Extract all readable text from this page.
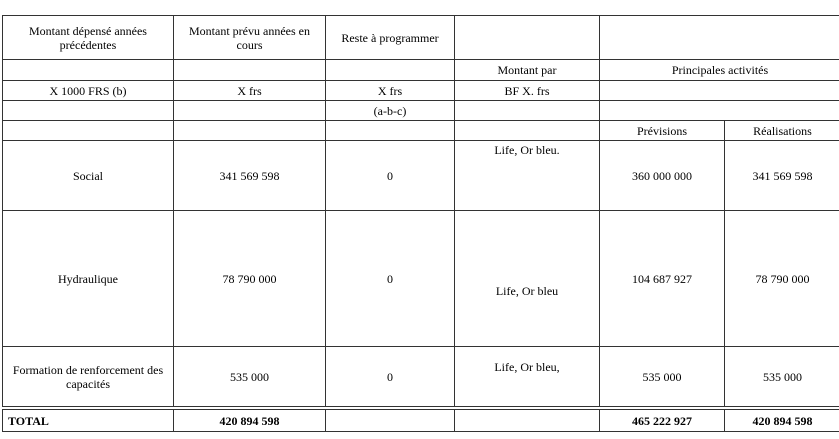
Montant dépensé années précédentes	Montant prévu années en cours	Reste à programmer			
			Montant par	Principales activités	
X 1000 FRS (b)	X frs	X frs	BF X. frs		
		(a-b-c)			
				Prévisions	Réalisations
Social	341 569 598	0	Life, Or bleu.	360 000 000	341 569 598
Hydraulique	78 790 000	0	Life, Or bleu	104 687 927	78 790 000
Formation de renforcement des capacités	535 000	0	Life, Or bleu,	535 000	535 000
TOTAL	420 894 598			465 222 927	420 894 598
